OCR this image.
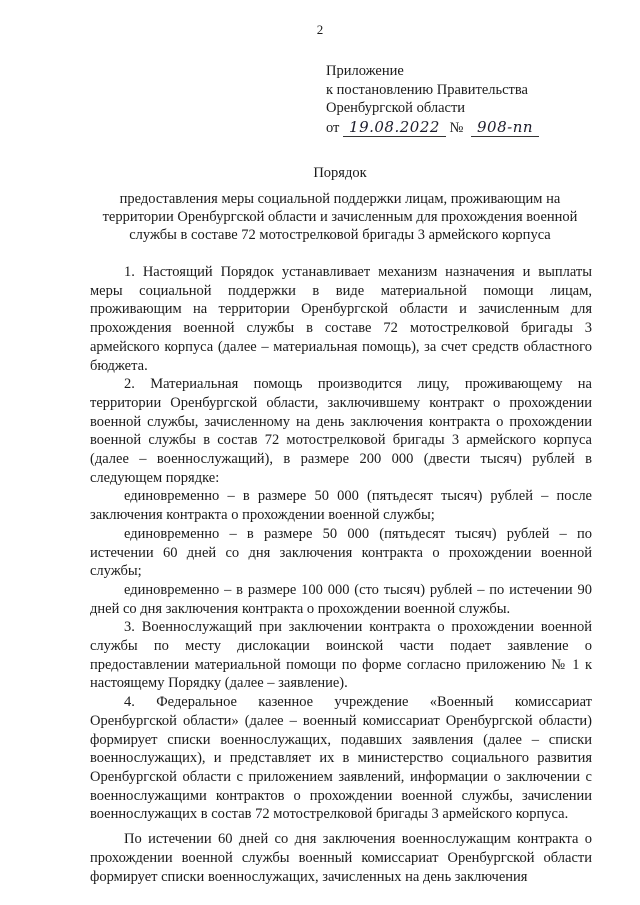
2
Приложение
к постановлению Правительства
Оренбургской области
от 19.08.2022 № 908-пп
Порядок
предоставления меры социальной поддержки лицам, проживающим на территории Оренбургской области и зачисленным для прохождения военной службы в составе 72 мотострелковой бригады 3 армейского корпуса

1. Настоящий Порядок устанавливает механизм назначения и выплаты меры социальной поддержки в виде материальной помощи лицам, проживающим на территории Оренбургской области и зачисленным для прохождения военной службы в составе 72 мотострелковой бригады 3 армейского корпуса (далее – материальная помощь), за счет средств областного бюджета.

2. Материальная помощь производится лицу, проживающему на территории Оренбургской области, заключившему контракт о прохождении военной службы, зачисленному на день заключения контракта о прохождении военной службы в состав 72 мотострелковой бригады 3 армейского корпуса (далее – военнослужащий), в размере 200 000 (двести тысяч) рублей в следующем порядке:

единовременно – в размере 50 000 (пятьдесят тысяч) рублей – после заключения контракта о прохождении военной службы;

единовременно – в размере 50 000 (пятьдесят тысяч) рублей – по истечении 60 дней со дня заключения контракта о прохождении военной службы;

единовременно – в размере 100 000 (сто тысяч) рублей – по истечении 90 дней со дня заключения контракта о прохождении военной службы.

3. Военнослужащий при заключении контракта о прохождении военной службы по месту дислокации воинской части подает заявление о предоставлении материальной помощи по форме согласно приложению № 1 к настоящему Порядку (далее – заявление).

4. Федеральное казенное учреждение «Военный комиссариат Оренбургской области» (далее – военный комиссариат Оренбургской области) формирует списки военнослужащих, подавших заявления (далее – списки военнослужащих), и представляет их в министерство социального развития Оренбургской области с приложением заявлений, информации о заключении с военнослужащими контрактов о прохождении военной службы, зачислении военнослужащих в состав 72 мотострелковой бригады 3 армейского корпуса.

По истечении 60 дней со дня заключения военнослужащим контракта о прохождении военной службы военный комиссариат Оренбургской области формирует списки военнослужащих, зачисленных на день заключения
